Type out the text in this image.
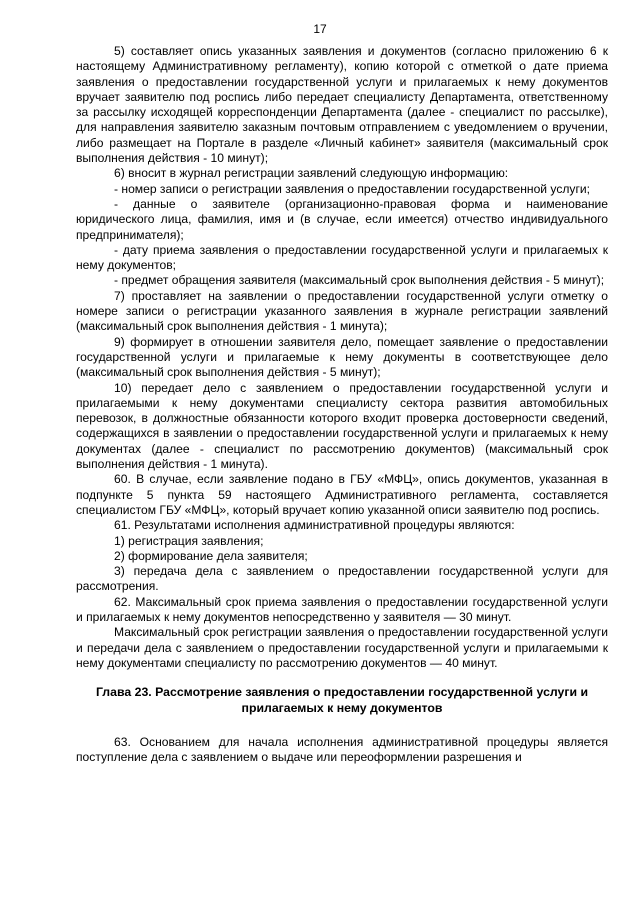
17

5) составляет опись указанных заявления и документов (согласно приложению 6 к настоящему Административному регламенту), копию которой с отметкой о дате приема заявления о предоставлении государственной услуги и прилагаемых к нему документов вручает заявителю под роспись либо передает специалисту Департамента, ответственному за рассылку исходящей корреспонденции Департамента (далее - специалист по рассылке), для направления заявителю заказным почтовым отправлением с уведомлением о вручении, либо размещает на Портале в разделе «Личный кабинет» заявителя (максимальный срок выполнения действия - 10 минут);

6) вносит в журнал регистрации заявлений следующую информацию:

- номер записи о регистрации заявления о предоставлении государственной услуги;

- данные о заявителе (организационно-правовая форма и наименование юридического лица, фамилия, имя и (в случае, если имеется) отчество индивидуального предпринимателя);

- дату приема заявления о предоставлении государственной услуги и прилагаемых к нему документов;

- предмет обращения заявителя (максимальный срок выполнения действия - 5 минут);

7) проставляет на заявлении о предоставлении государственной услуги отметку о номере записи о регистрации указанного заявления в журнале регистрации заявлений (максимальный срок выполнения действия - 1 минута);

9) формирует в отношении заявителя дело, помещает заявление о предоставлении государственной услуги и прилагаемые к нему документы в соответствующее дело (максимальный срок выполнения действия - 5 минут);

10) передает дело с заявлением о предоставлении государственной услуги и прилагаемыми к нему документами специалисту сектора развития автомобильных перевозок, в должностные обязанности которого входит проверка достоверности сведений, содержащихся в заявлении о предоставлении государственной услуги и прилагаемых к нему документах (далее - специалист по рассмотрению документов) (максимальный срок выполнения действия - 1 минута).

60. В случае, если заявление подано в ГБУ «МФЦ», опись документов, указанная в подпункте 5 пункта 59 настоящего Административного регламента, составляется специалистом ГБУ «МФЦ», который вручает копию указанной описи заявителю под роспись.

61. Результатами исполнения административной процедуры являются:

1) регистрация заявления;

2) формирование дела заявителя;

3) передача дела с заявлением о предоставлении государственной услуги для рассмотрения.

62. Максимальный срок приема заявления о предоставлении государственной услуги и прилагаемых к нему документов непосредственно у заявителя — 30 минут.

Максимальный срок регистрации заявления о предоставлении государственной услуги и передачи дела с заявлением о предоставлении государственной услуги и прилагаемыми к нему документами специалисту по рассмотрению документов — 40 минут.

Глава 23. Рассмотрение заявления о предоставлении государственной услуги и прилагаемых к нему документов

63. Основанием для начала исполнения административной процедуры является поступление дела с заявлением о выдаче или переоформлении разрешения и
